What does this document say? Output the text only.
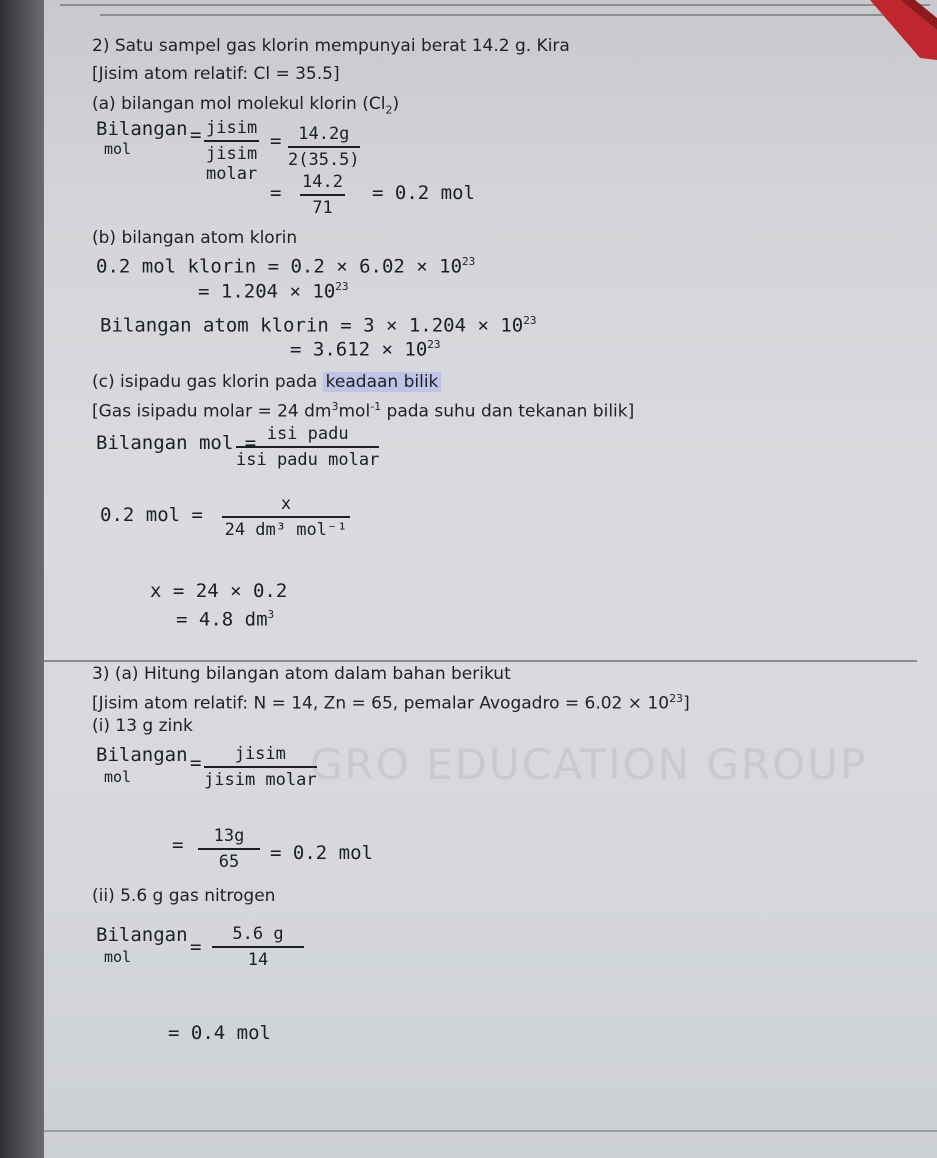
GRO EDUCATION GROUP
2) Satu sampel gas klorin mempunyai berat 14.2 g. Kira
[Jisim atom relatif: Cl = 35.5]
(a) bilangan mol molekul klorin $(Cl_2)$
Bilangan
mol
= jisim
jisim
molar
= $\frac{14.2g}{2(35.5)}$
= $\frac{14.2}{71} = 0.2$ mol
(b) bilangan atom klorin
0.2 mol klorin = $0.2 \times 6.02 \times 10^{23}$
= $1.204 \times 10^{23}$
Bilangan atom klorin = $3 \times 1.204 \times 10^{23}$
= $3.612 \times 10^{23}$
(c) isipadu gas klorin pada keadaan bilik
[Gas isipadu molar = 24 $dm^3mol^{-1}$ pada suhu dan tekanan bilik]
Bilangan mol = isi padu
isi padu molar
0.2 mol =	x
24 dm³ mol⁻¹
x = 24 × 0.2
= 4.8 $dm^3$
3) (a) Hitung bilangan atom dalam bahan berikut
[Jisim atom relatif: N = 14, Zn = 65, pemalar Avogadro = $6.02 \times 10^{23}$]
(i) 13 g zink
Bilangan
mol
=	jisim
jisim molar
= $\frac{13g}{65} = 0.2$ mol
(ii) 5.6 g gas nitrogen
Bilangan
mol	= $\frac{5.6 g}{14}$
= 0.4 mol
